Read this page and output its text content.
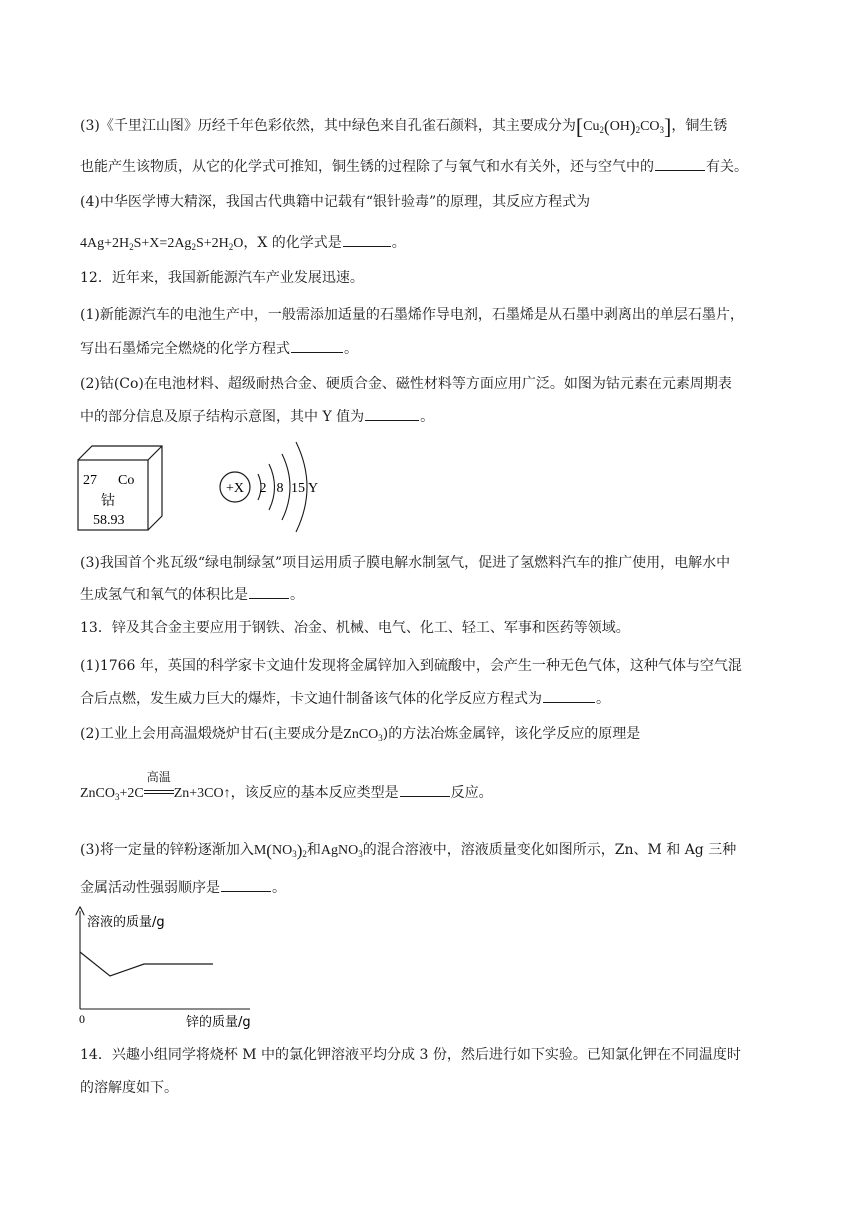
(3)《千里江山图》历经千年色彩依然，其中绿色来自孔雀石颜料，其主要成分为$[Cu_2(OH)_2CO_3]$，铜生锈
也能产生该物质，从它的化学式可推知，铜生锈的过程除了与氧气和水有关外，还与空气中的	有关。
(4)中华医学博大精深，我国古代典籍中记载有“银针验毒”的原理，其反应方程式为
$4Ag+2H_2S+X=2Ag_2S+2H_2O$，X 的化学式是	。
12．近年来，我国新能源汽车产业发展迅速。
(1)新能源汽车的电池生产中，一般需添加适量的石墨烯作导电剂，石墨烯是从石墨中剥离出的单层石墨片，
写出石墨烯完全燃烧的化学方程式	。
(2)钴(Co)在电池材料、超级耐热合金、硬质合金、磁性材料等方面应用广泛。如图为钴元素在元素周期表
中的部分信息及原子结构示意图，其中 Y 值为	。
27 Co
钴
58.93
+X 2 8 15 Y
(3)我国首个兆瓦级“绿电制绿氢”项目运用质子膜电解水制氢气，促进了氢燃料汽车的推广使用，电解水中
生成氢气和氧气的体积比是	。
13．锌及其合金主要应用于钢铁、冶金、机械、电气、化工、轻工、军事和医药等领域。
(1)1766 年，英国的科学家卡文迪什发现将金属锌加入到硫酸中，会产生一种无色气体，这种气体与空气混
合后点燃，发生威力巨大的爆炸，卡文迪什制备该气体的化学反应方程式为	。
(2)工业上会用高温煅烧炉甘石(主要成分是ZnCO$_3$)的方法冶炼金属锌，该化学反应的原理是
ZnCO$_3$+2C
高温
Zn+3CO↑，该反应的基本反应类型是	反应。
(3)将一定量的锌粉逐渐加入$M(NO_3)_2$和AgNO$_3$的混合溶液中，溶液质量变化如图所示，Zn、M 和 Ag 三种
金属活动性强弱顺序是	。
溶液的质量/g
锌的质量/g
0
14．兴趣小组同学将烧杯 M 中的氯化钾溶液平均分成 3 份，然后进行如下实验。已知氯化钾在不同温度时
的溶解度如下。
